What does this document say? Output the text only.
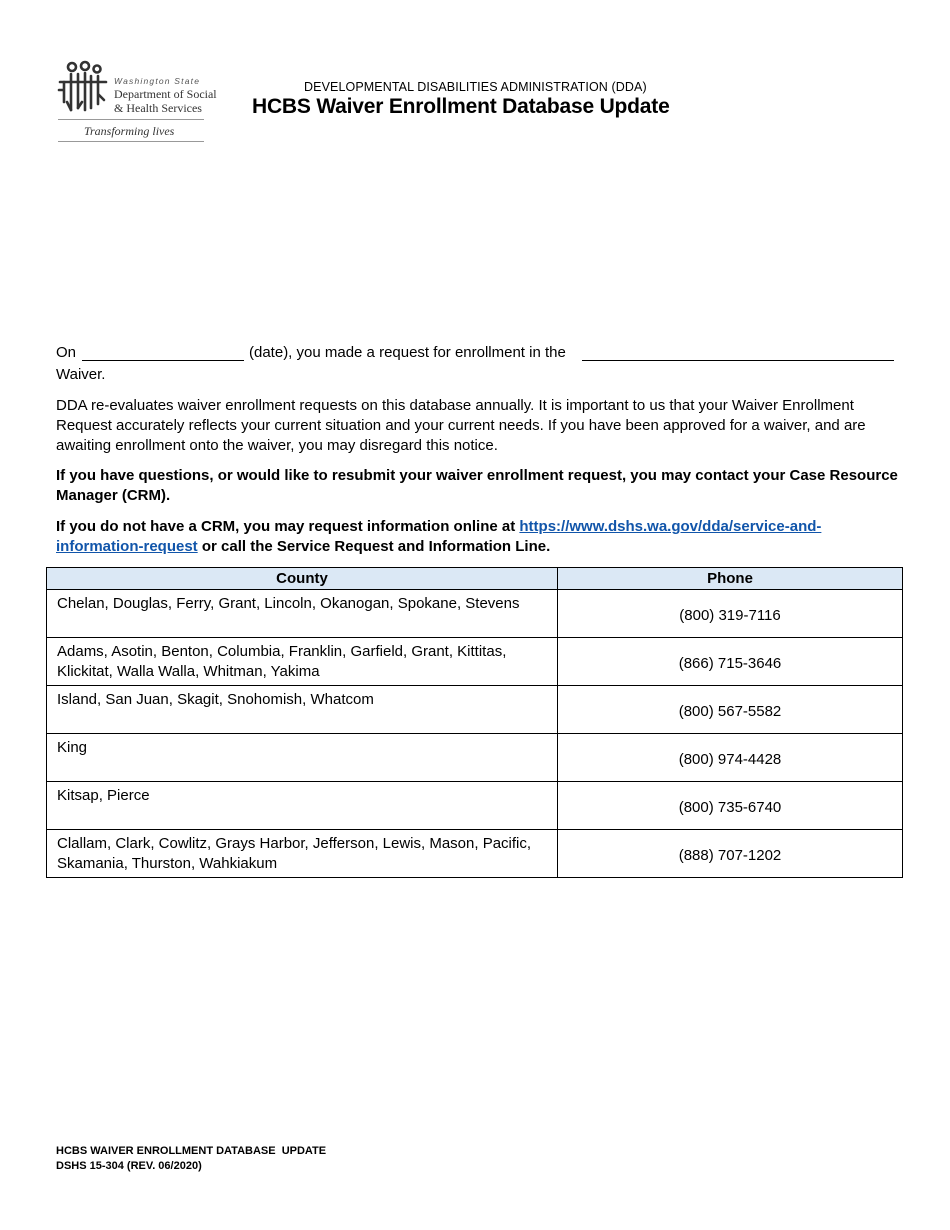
Washington State
Department of Social
& Health Services
Transforming lives
DEVELOPMENTAL DISABILITIES ADMINISTRATION (DDA)
HCBS Waiver Enrollment Database Update
On	(date), you made a request for enrollment in the
Waiver.
DDA re-evaluates waiver enrollment requests on this database annually. It is important to us that your Waiver Enrollment Request accurately reflects your current situation and your current needs. If you have been approved for a waiver, and are awaiting enrollment onto the waiver, you may disregard this notice.
If you have questions, or would like to resubmit your waiver enrollment request, you may contact your Case Resource Manager (CRM).
If you do not have a CRM, you may request information online at https://www.dshs.wa.gov/dda/service-and-information-request or call the Service Request and Information Line.
County	Phone
Chelan, Douglas, Ferry, Grant, Lincoln, Okanogan, Spokane, Stevens	(800) 319-7116
Adams, Asotin, Benton, Columbia, Franklin, Garfield, Grant, Kittitas, Klickitat, Walla Walla, Whitman, Yakima	(866) 715-3646
Island, San Juan, Skagit, Snohomish, Whatcom	(800) 567-5582
King	(800) 974-4428
Kitsap, Pierce	(800) 735-6740
Clallam, Clark, Cowlitz, Grays Harbor, Jefferson, Lewis, Mason, Pacific, Skamania, Thurston, Wahkiakum	(888) 707-1202
HCBS WAIVER ENROLLMENT DATABASE  UPDATE
DSHS 15-304 (REV. 06/2020)
